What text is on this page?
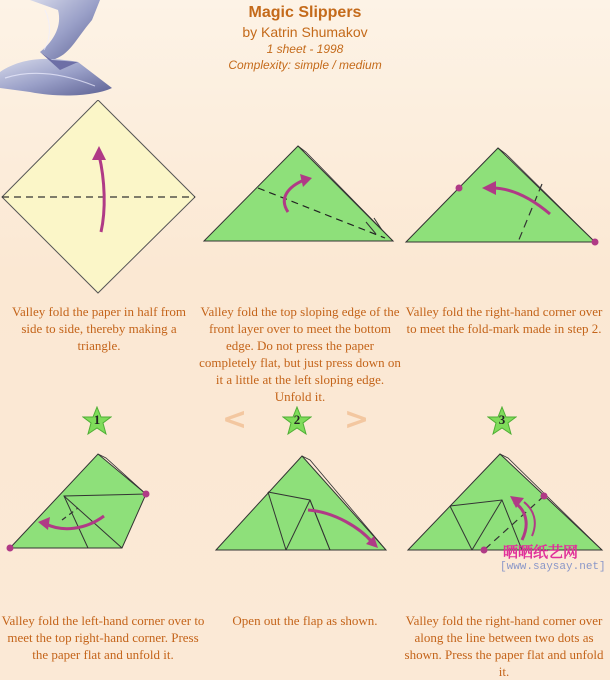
Magic Slippers
by Katrin Shumakov
1 sheet - 1998
Complexity: simple / medium
Valley fold the paper in half from side to side, thereby making a triangle.
Valley fold the top sloping edge of the front layer over to meet the bottom edge. Do not press the paper completely flat, but just press down on it a little at the left sloping edge. Unfold it.
Valley fold the right-hand corner over to meet the fold-mark made in step 2.
1	2	3
<	>
晒晒纸艺网
[www.saysay.net]
Valley fold the left-hand corner over to meet the top right-hand corner. Press the paper flat and unfold it.
Open out the flap as shown.	Valley fold the right-hand corner over along the line between two dots as shown. Press the paper flat and unfold it.
